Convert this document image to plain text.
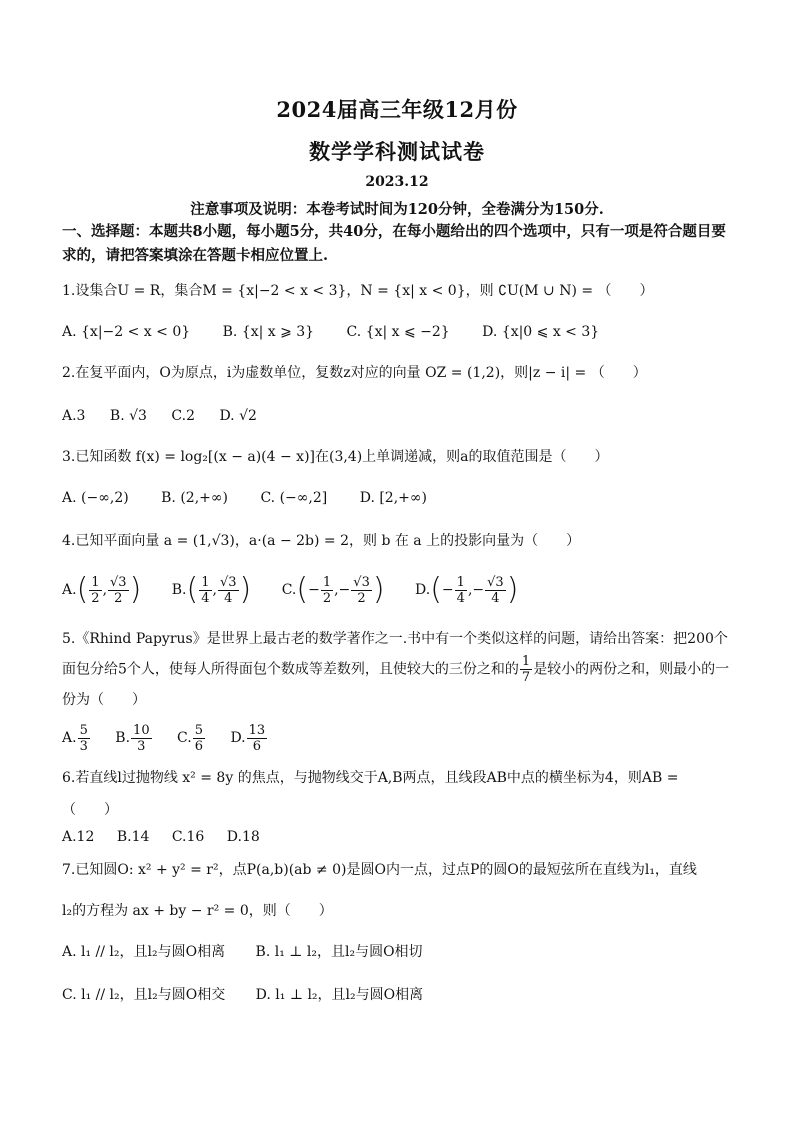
2024届高三年级12月份
数学学科测试试卷
2023.12
注意事项及说明：本卷考试时间为120分钟，全卷满分为150分.
一、选择题：本题共8小题，每小题5分，共40分，在每小题给出的四个选项中，只有一项是符合题目要求的，请把答案填涂在答题卡相应位置上.
1.设集合U = R，集合M = {x|−2 < x < 3}，N = {x| x < 0}，则 ∁U(M ∪ N) = （　　）
A. {x|−2 < x < 0} B. {x| x ⩾ 3} C. {x| x ⩽ −2} D. {x|0 ⩽ x < 3}
2.在复平面内，O为原点，i为虚数单位，复数z对应的向量 OZ = (1,2)，则|z − i| = （　　）
A.3 B. √3 C.2 D. √2
3.已知函数 f(x) = log₂[(x − a)(4 − x)]在(3,4)上单调递减，则a的取值范围是（　　）
A. (−∞,2) B. (2,+∞) C. (−∞,2] D. [2,+∞)
4.已知平面向量 a = (1,√3)，a·(a − 2b) = 2，则 b 在 a 上的投影向量为（　　）
$A.( \frac{1}{2}$ , $\frac{√3}{2}$ ) $B.( \frac{1}{4}$ , $\frac{√3}{4}$ ) $C.(- \frac{1}{2}$ ,− $\frac{√3}{2}$ ) $D.(- \frac{1}{4}$ ,− $\frac{√3}{4}$ )
5.《Rhind Papyrus》是世界上最古老的数学著作之一.书中有一个类似这样的问题，请给出答案：把200个面包分给5个人，使每人所得面包个数成等差数列，且使较大的三份之和的 $\frac{1}{7}$ 是较小的两份之和，则最小的一份为（　　）
A. $\frac{5}{3} B$. $\frac{10}{3} C$. $\frac{5}{6} D$. $\frac{13}{6}$
6.若直线l过抛物线 x² = 8y 的焦点，与抛物线交于A,B两点，且线段AB中点的横坐标为4，则AB =
（　　）
A.12 B.14 C.16 D.18
7.已知圆O: x² + y² = r²，点P(a,b)(ab ≠ 0)是圆O内一点，过点P的圆O的最短弦所在直线为l₁，直线
l₂的方程为 ax + by − r² = 0，则（　　）
A. l₁ // l₂，且l₂与圆O相离 B. l₁ ⊥ l₂，且l₂与圆O相切
C. l₁ // l₂，且l₂与圆O相交 D. l₁ ⊥ l₂，且l₂与圆O相离
